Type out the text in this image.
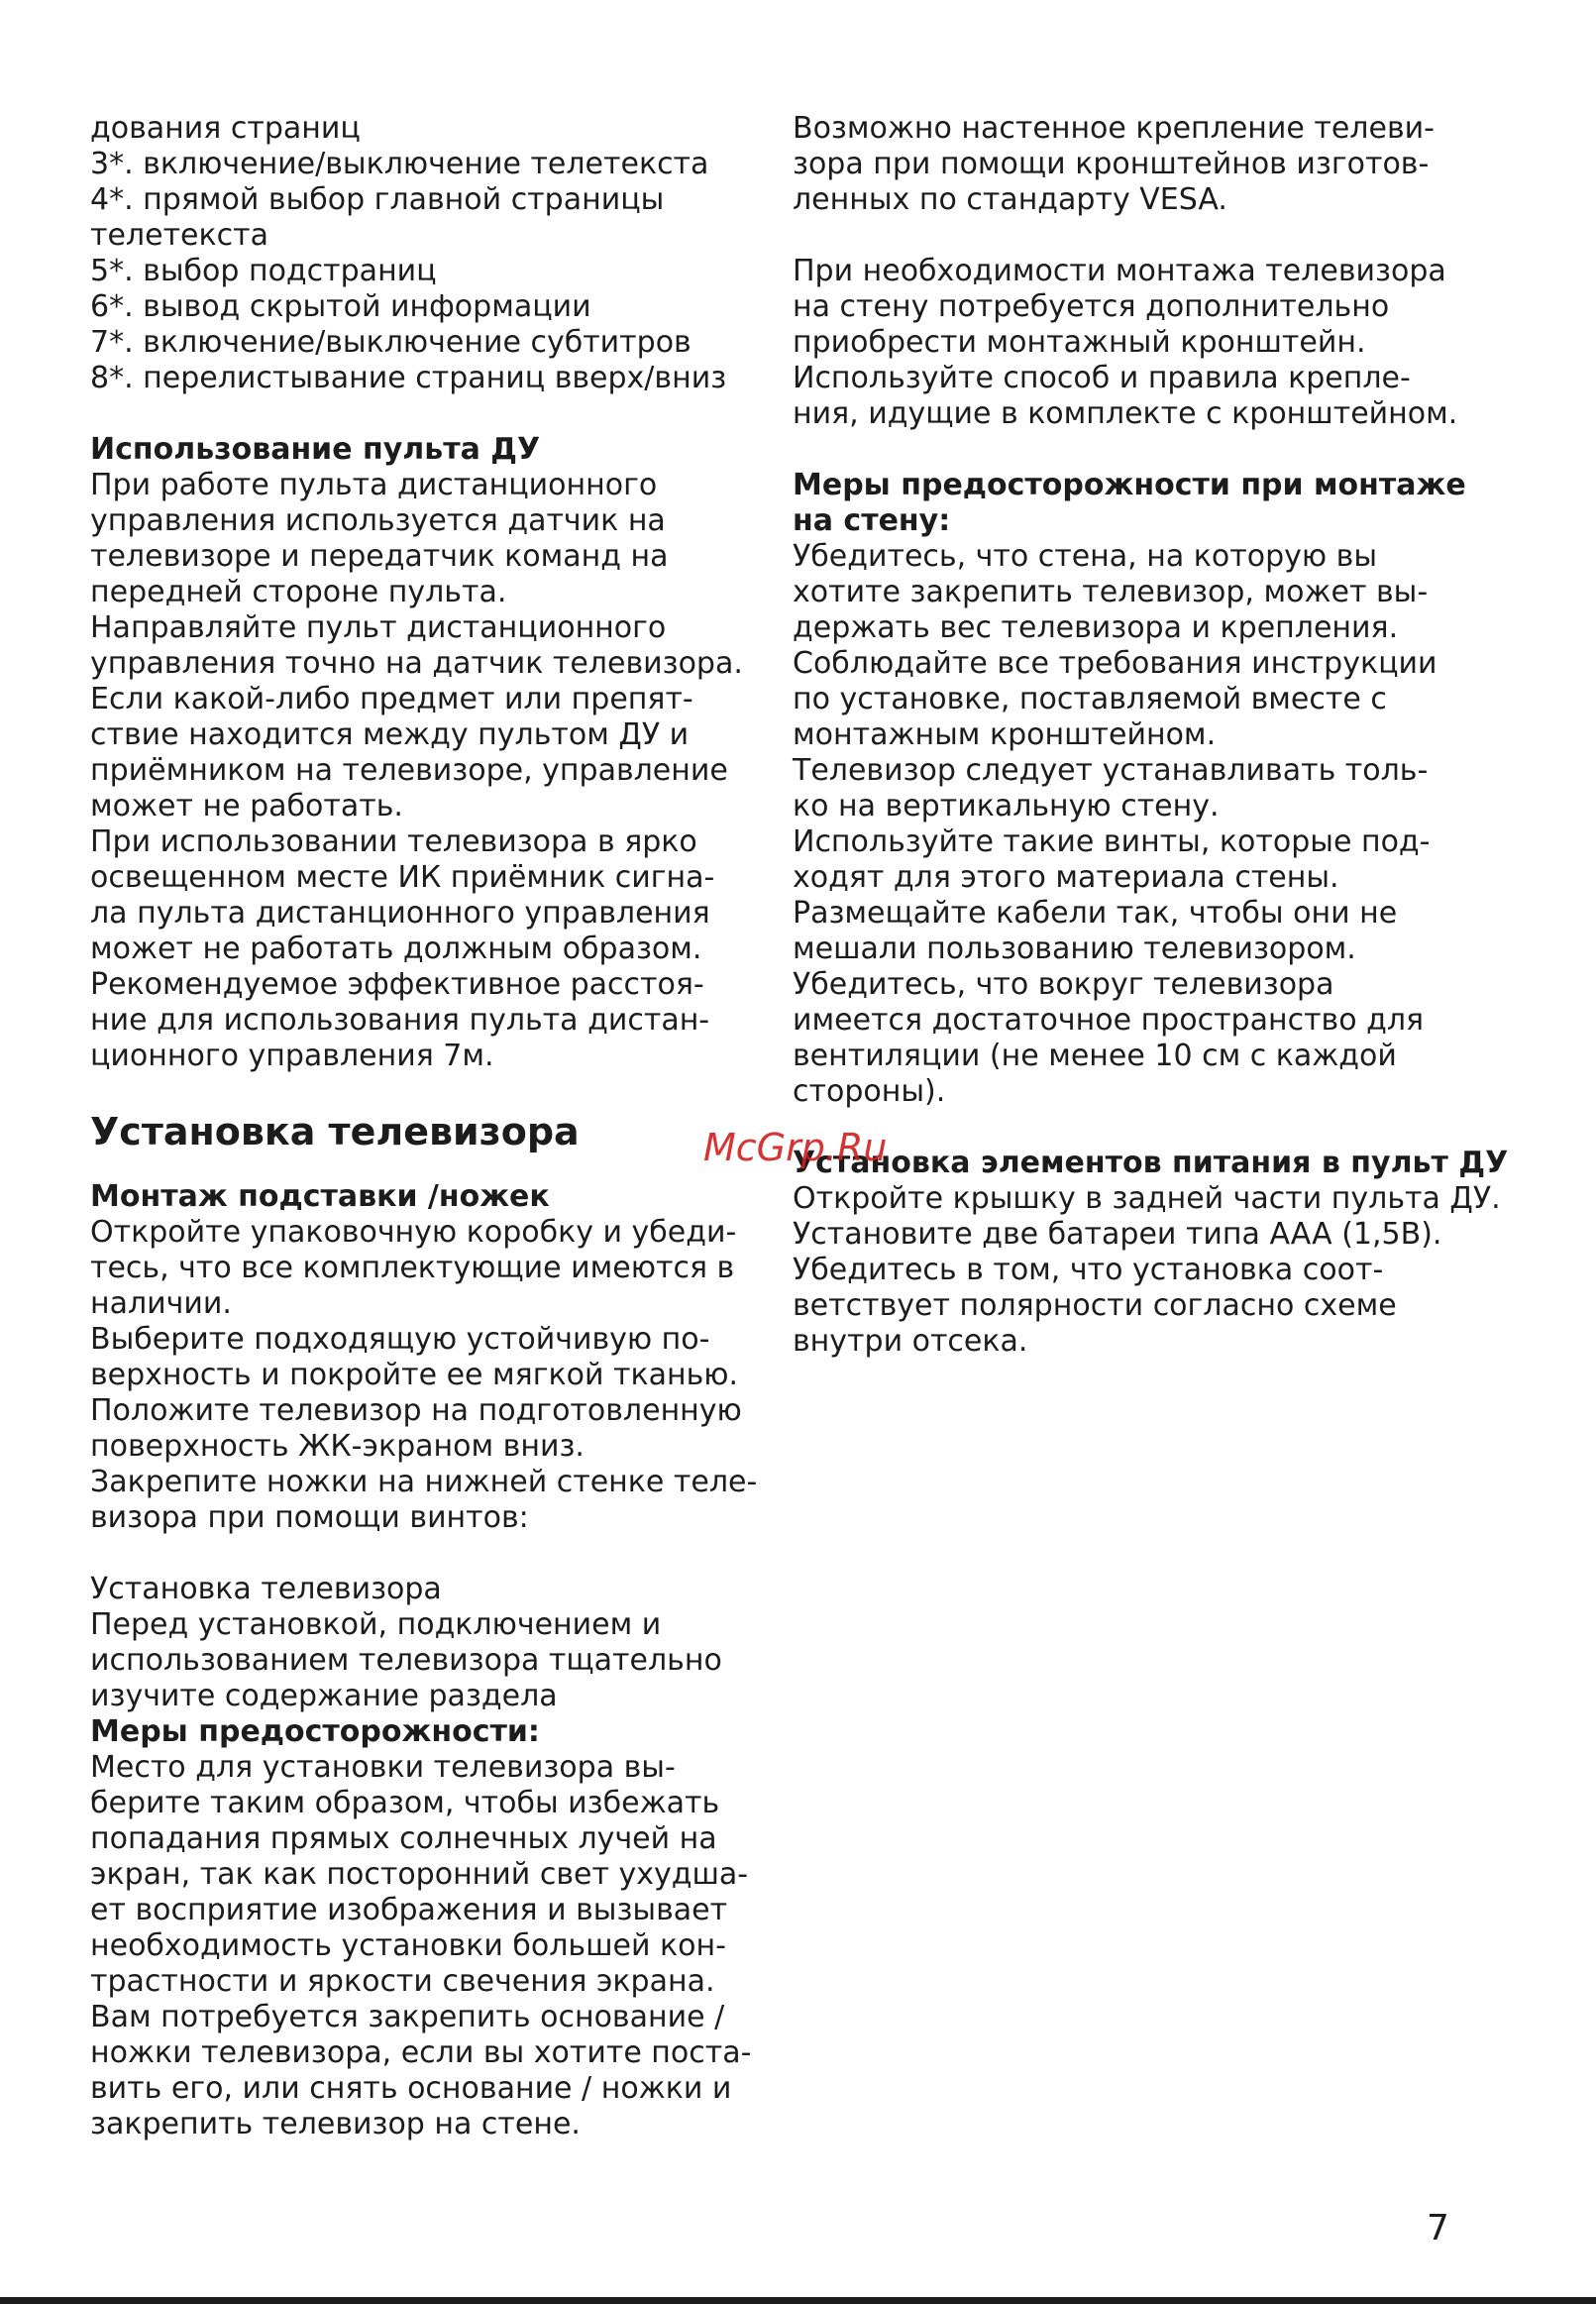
дования страниц
3*. включение/выключение телетекста
4*. прямой выбор главной страницы
телетекста
5*. выбор подстраниц
6*. вывод скрытой информации
7*. включение/выключение субтитров
8*. перелистывание страниц вверх/вниз
Использование пульта ДУ
При работе пульта дистанционного
управления используется датчик на
телевизоре и передатчик команд на
передней стороне пульта.
Направляйте пульт дистанционного
управления точно на датчик телевизора.
Если какой-либо предмет или препят-
ствие находится между пультом ДУ и
приёмником на телевизоре, управление
может не работать.
При использовании телевизора в ярко
освещенном месте ИК приёмник сигна-
ла пульта дистанционного управления
может не работать должным образом.
Рекомендуемое эффективное расстоя-
ние для использования пульта дистан-
ционного управления 7м.
Установка телевизора
Монтаж подставки /ножек
Откройте упаковочную коробку и убеди-
тесь, что все комплектующие имеются в
наличии.
Выберите подходящую устойчивую по-
верхность и покройте ее мягкой тканью.
Положите телевизор на подготовленную
поверхность ЖК-экраном вниз.
Закрепите ножки на нижней стенке теле-
визора при помощи винтов:
Установка телевизора
Перед установкой, подключением и
использованием телевизора тщательно
изучите содержание раздела
Меры предосторожности:
Место для установки телевизора вы-
берите таким образом, чтобы избежать
попадания прямых солнечных лучей на
экран, так как посторонний свет ухудша-
ет восприятие изображения и вызывает
необходимость установки большей кон-
трастности и яркости свечения экрана.
Вам потребуется закрепить основание /
ножки телевизора, если вы хотите поста-
вить его, или снять основание / ножки и
закрепить телевизор на стене.
Возможно настенное крепление телеви-
зора при помощи кронштейнов изготов-
ленных по стандарту VESA.
При необходимости монтажа телевизора
на стену потребуется дополнительно
приобрести монтажный кронштейн.
Используйте способ и правила крепле-
ния, идущие в комплекте с кронштейном.
Меры предосторожности при монтаже
на стену:
Убедитесь, что стена, на которую вы
хотите закрепить телевизор, может вы-
держать вес телевизора и крепления.
Соблюдайте все требования инструкции
по установке, поставляемой вместе с
монтажным кронштейном.
Телевизор следует устанавливать толь-
ко на вертикальную стену.
Используйте такие винты, которые под-
ходят для этого материала стены.
Размещайте кабели так, чтобы они не
мешали пользованию телевизором.
Убедитесь, что вокруг телевизора
имеется достаточное пространство для
вентиляции (не менее 10 см с каждой
стороны).
Установка элементов питания в пульт ДУ
Откройте крышку в задней части пульта ДУ.
Установите две батареи типа AAA (1,5В).
Убедитесь в том, что установка соот-
ветствует полярности согласно схеме
внутри отсека.
McGrp.Ru
7
